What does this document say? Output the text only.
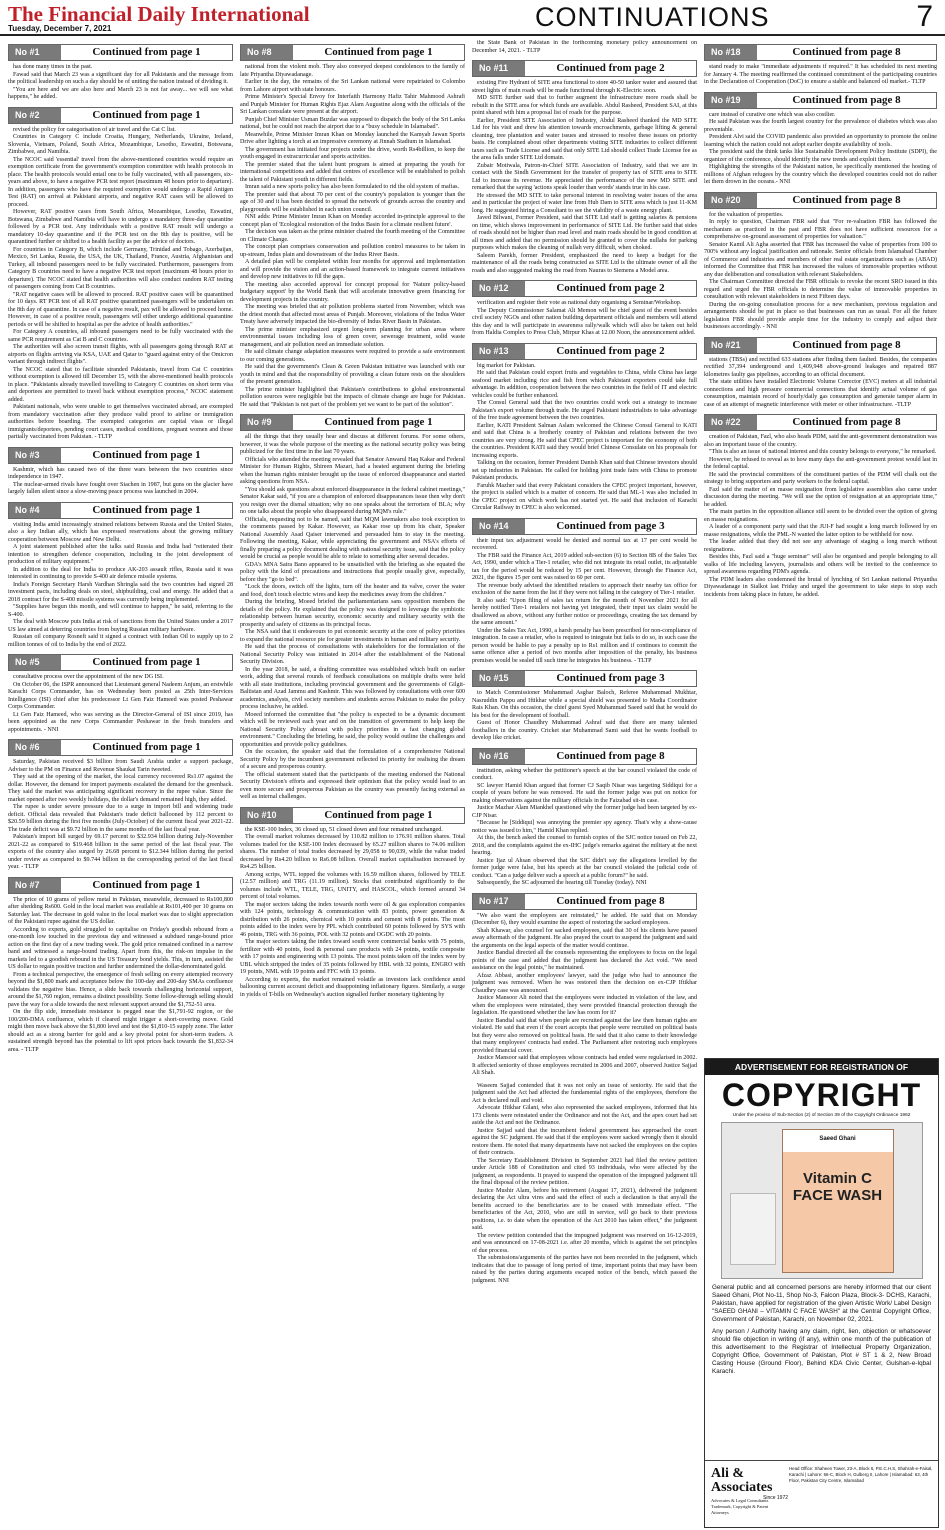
The Financial Daily International
Tuesday, December 7, 2021	CONTINUATIONS	7
No #1	Continued from page 1

has done many times in the past.

Fawad said that March 23 was a significant day for all Pakistanis and the message from the political leadership on such a day should be of uniting the nation instead of dividing it.

"You are here and we are also here and March 23 is not far away... we will see what happens," he added.

No #2	Continued from page 1

revised the policy for categorisation of air travel and the Cat C list.

Countries in Category C include Croatia, Hungary, Netherlands, Ukraine, Ireland, Slovenia, Vietnam, Poland, South Africa, Mozambique, Lesotho, Eswatini, Botswana, Zimbabwe, and Namibia.

The NCOC said 'essential' travel from the above-mentioned countries would require an exemption certificate from the government's exemption committee with health protocols in place. The health protocols would entail one to be fully vaccinated, with all passengers, six-years and above, to have a negative PCR test report (maximum 48 hours prior to departure). In addition, passengers who have the required exemption would undergo a Rapid Antigen Test (RAT) on arrival at Pakistani airports, and negative RAT cases will be allowed to proceed.

However, RAT positive cases from South Africa, Mozambique, Lesotho, Eswatini, Botswana, Zimbabwe and Namibia will have to undergo a mandatory three-day quarantine followed by a PCR test. Any individuals with a positive RAT result will undergo a mandatory 10-day quarantine and if the PCR test on the 8th day is positive, will be quarantined further or shifted to a health facility as per the advice of doctors.

For countries in Category B, which include Germany, Trinidad and Tobago, Azerbaijan, Mexico, Sri Lanka, Russia, the USA, the UK, Thailand, France, Austria, Afghanistan and Turkey, all inbound passengers need to be fully vaccinated. Furthermore, passengers from Category B countries need to have a negative PCR test report (maximum 48 hours prior to departure). The NCOC stated that health authorities will also conduct random RAT testing of passengers coming from Cat B countries.

"RAT negative cases will be allowed to proceed. RAT positive cases will be quarantined for 10 days. RT PCR test of all RAT positive quarantined passengers will be undertaken on the 8th day of quarantine. In case of a negative result, pax will be allowed to proceed home. However, in case of a positive result, passengers will either undergo additional quarantine periods or will be shifted to hospital as per the advice of health authorities."

For Category A countries, all inbound passengers need to be fully vaccinated with the same PCR requirement as Cat B and C countries.

The authorities will also screen transit flights, with all passengers going through RAT at airports on flights arriving via KSA, UAE and Qatar to "guard against entry of the Omicron variant through indirect flights".

The NCOC stated that to facilitate stranded Pakistanis, travel from Cat C countries without exemption is allowed till December 15, with the above-mentioned health protocols in place. "Pakistanis already travelled travelling to Category C countries on short term visa and deportees are permitted to travel back without exemption process," NCOC statement added.

Pakistani nationals, who were unable to get themselves vaccinated abroad, are exempted from mandatory vaccination after they produce valid proof to airline or immigration authorities before boarding. The exempted categories are capital visas or illegal immigrants/deportees, pending court cases, medical conditions, pregnant women and those partially vaccinated from Pakistan. - TLTP

No #3	Continued from page 1

Kashmir, which has caused two of the three wars between the two countries since independence in 1947.

The nuclear-armed rivals have fought over Siachen in 1987, but guns on the glacier have largely fallen silent since a slow-moving peace process was launched in 2004.

No #4	Continued from page 1

visiting India amid increasingly strained relations between Russia and the United States, also a key Indian ally, which has expressed reservations about the growing military cooperation between Moscow and New Delhi.

A joint statement published after the talks said Russia and India had "reiterated their intention to strengthen defence cooperation, including in the joint development of production of military equipment."

In addition to the deal for India to produce AK-203 assault rifles, Russia said it was interested in continuing to provide S-400 air defence missile systems.

India's Foreign Secretary Harsh Vardhan Shringla said the two countries had signed 28 investment pacts, including deals on steel, shipbuilding, coal and energy. He added that a 2018 contract for the S-400 missile systems was currently being implemented.

"Supplies have begun this month, and will continue to happen," he said, referring to the S-400.

The deal with Moscow puts India at risk of sanctions from the United States under a 2017 US law aimed at deterring countries from buying Russian military hardware.

Russian oil company Rosneft said it signed a contract with Indian Oil to supply up to 2 million tonnes of oil to India by the end of 2022.

No #5	Continued from page 1

consultative process over the appointment of the new DG ISI.

On October 06, the ISPR announced that Lieutenant general Nadeem Anjum, an erstwhile Karachi Corps Commander, has on Wednesday been posted as 25th Inter-Services Intelligence (ISI) chief after his predecessor Lt Gen Faiz Hameed was posted Peshawar Corps Commander.

Lt Gen Faiz Hameed, who was serving as the Director-General of ISI since 2019, has been appointed as the new Corps Commander Peshawar in the fresh transfers and appointments. - NNI

No #6	Continued from page 1

Saturday, Pakistan received $3 billion from Saudi Arabia under a support package, Adviser to the PM on Finance and Revenue Shaukat Tarin tweeted.

They said at the opening of the market, the local currency recovered Rs1.07 against the dollar. However, the demand for import payments escalated the demand for the greenback. They said the market was anticipating significant recovery in the rupee value. Since the market opened after two weekly holidays, the dollar's demand remained high, they added.

The rupee is under severe pressure due to a surge in import bill and widening trade deficit. Official data revealed that Pakistan's trade deficit ballooned by 112 percent to $20.59 billion during the first five months (July-October) of the current fiscal year 2021-22. The trade deficit was at $9.72 billion in the same months of the last fiscal year.

Pakistan's import bill surged by 69.17 percent to $32.934 billion during July-November 2021-22 as compared to $19.468 billion in the same period of the last fiscal year. The exports of the country also surged by 26.68 percent to $12.344 billion during the period under review as compared to $9.744 billion in the corresponding period of the last fiscal year. - TLTP

No #7	Continued from page 1

The price of 10 grams of yellow metal in Pakistan, meanwhile, decreased to Rs100,800 after shedding Rs600. Gold in the local market was available at Rs101,400 per 10 grams on Saturday last. The decrease in gold value in the local market was due to slight appreciation of the Pakistani rupee against the US dollar.

According to experts, gold struggled to capitalise on Friday's goodish rebound from a one-month low touched in the previous day and witnessed a subdued range-bound price action on the first day of a new trading week. The gold price remained confined in a narrow band and witnessed a range-bound trading. Apart from this, the risk-on impulse in the markets led to a goodish rebound in the US Treasury bond yields. This, in turn, assisted the US dollar to regain positive traction and further undermined the dollar-denominated gold.

From a technical perspective, the emergence of fresh selling on every attempted recovery beyond the $1,800 mark and acceptance below the 100-day and 200-day SMAs confluence validates the negative bias. Hence, a slide back towards challenging horizontal support, around the $1,760 region, remains a distinct possibility. Some follow-through selling should pave the way for a slide towards the next relevant support around the $1,752-51 area.

On the flip side, immediate resistance is pegged near the $1,791-92 region, or the 100/200-DMA confluence, which if cleared might trigger a short-covering move. Gold might then move back above the $1,800 level and test the $1,810-15 supply zone. The latter should act as a strong barrier for gold and a key pivotal point for short-term traders. A sustained strength beyond has the potential to lift spot prices back towards the $1,832-34 area. - TLTP

No #8	Continued from page 1

national from the violent mob. They also conveyed deepest condolences to the family of late Priyantha Diyawadanage.

Earlier in the day, the remains of the Sri Lankan national were repatriated to Colombo from Lahore airport with state honours.

Prime Minister's Special Envoy for Interfaith Harmony Hafiz Tahir Mahmood Ashrafi and Punjab Minister for Human Rights Ejaz Alam Augustine along with the officials of the Sri Lankan consulate were present at the airport.

Punjab Chief Minister Usman Buzdar was supposed to dispatch the body of the Sri Lanka national, but he could not reach the airport due to a "busy schedule in Islamabad".

Meanwhile, Prime Minister Imran Khan on Monday launched the Kamyab Jawan Sports Drive after lighting a torch at an impressive ceremony at Jinnah Stadium in Islamabad.

The government has initiated four projects under the drive, worth Rs4billion, to keep the youth engaged in extracurricular and sports activities.

The premier stated that the talent hunt program is aimed at preparing the youth for international competitions and added that centres of excellence will be established to polish the talent of Pakistani youth in different fields.

Imran said a new sports policy has also been formulated to rid the old system of mafias.

The premier said that about 70 per cent of the country's population is younger than the age of 30 and it has been decided to spread the network of grounds across the country and playgrounds will be established in each union council.

NNI adds: Prime Minister Imran Khan on Monday accorded in-principle approval to the concept plan of 'Ecological restoration of the Indus Basin for a climate resilient future'.

The decision was taken as the prime minister chaired the fourth meeting of the Committee on Climate Change.

The concept plan comprises conservation and pollution control measures to be taken in up-stream, Indus plain and downstream of the Indus River Basin.

A detailed plan will be completed within four months for approval and implementation and will provide the vision and an action-based framework to integrate current initiatives and develop new initiatives to fill the gaps.

The meeting also accorded approval for concept proposal for 'Nature policy-based budgetary support' by the World Bank that will accelerate innovative green financing for development projects in the country.

The meeting was briefed that air pollution problems started from November, which was the driest month that affected most areas of Punjab. Moreover, violations of the Indus Water Treaty have adversely impacted the bio-diversity of Indus River Basin in Pakistan.

The prime minister emphasized urgent long-term planning for urban areas where environmental issues including loss of green cover, sewerage treatment, solid waste management, and air pollution need an immediate solution.

He said climate change adaptation measures were required to provide a safe environment to our coming generations.

He said that the government's Clean & Green Pakistan initiative was launched with our youth in mind and that the responsibility of providing a clean future rests on the shoulders of the present generation.

The prime minister highlighted that Pakistan's contributions to global environmental pollution sources were negligible but the impacts of climate change are huge for Pakistan. He said that "Pakistan is not part of the problem yet we want to be part of the solution".

No #9	Continued from page 1

all the things that they usually hear and discuss at different forums. For some others, however, it was the whole purpose of the meeting as the national security policy was being publicized for the first time in the last 70 years.

Officials who attended the meeting revealed that Senator Anwarul Haq Kakar and Federal Minister for Human Rights, Shireen Mazari, had a heated argument during the briefing when the human rights minister brought up the issue of enforced disappearance and started asking questions from NSA.

"You should ask questions about enforced disappearance in the federal cabinet meetings," Senator Kakar said, "if you are a champion of enforced disappearances issue then why don't you resign over the dismal situation; why no one speaks about the terrorism of BLA; why no one talks about the people who disappeared during MQM's rule."

Officials, requesting not to be named, said that MQM lawmakers also took exception to the comments passed by Kakar. However, as Kakar rose up from his chair, Speaker National Assembly Asad Qaiser intervened and persuaded him to stay in the meeting. Following the meeting, Kakar, while appreciating the government and NSA's efforts of finally preparing a policy document dealing with national security issue, said that the policy would be crucial as people would be able to relate to something after several decades.

GDA's MNA Saira Bano appeared to be unsatisfied with the briefing as she equated the policy with the kind of precautions and instructions that people usually give, especially, before they "go to bed".

"Lock the doors, switch off the lights, turn off the heater and its valve, cover the water and food, don't touch electric wires and keep the medicines away from the children."

During the briefing, Moeed briefed the parliamentarians sans opposition members the details of the policy. He explained that the policy was designed to leverage the symbiotic relationship between human security, economic security and military security with the prosperity and safety of citizens as its principal focus.

The NSA said that it endeavours to put economic security at the core of policy priorities to expand the national resource pie for greater investments in human and military security.

He said that the process of consultations with stakeholders for the formulation of the National Security Policy was initiated in 2014 after the establishment of the National Security Division.

In the year 2018, he said, a drafting committee was established which built on earlier work, adding that several rounds of feedback consultations on multiple drafts were held with all state institutions, including provincial government and the governments of Gilgit-Baltistan and Azad Jammu and Kashmir. This was followed by consultations with over 600 academics, analysts, civil society members and students across Pakistan to make the policy process inclusive, he added.

Moeed informed the committee that "the policy is expected to be a dynamic document which will be reviewed each year and on the transition of government to help keep the National Security Policy abreast with policy priorities in a fast changing global environment." Concluding the briefing, he said, the policy would outline the challenges and opportunities and provide policy guidelines.

On the occasion, the speaker said that the formulation of a comprehensive National Security Policy by the incumbent government reflected its priority for realising the dream of a secure and prosperous country.

The official statement stated that the participants of the meeting endorsed the National Security Division's efforts and expressed their optimism that the policy would lead to an even more secure and prosperous Pakistan as the country was presently facing external as well as internal challenges.

No #10	Continued from page 1

the KSE-100 Index, 36 closed up, 51 closed down and four remained unchanged.

The overall market volumes decreased by 110.82 million to 176.91 million shares. Total volumes traded for the KSE-100 Index decreased by 65.27 million shares to 74.06 million shares. The number of total trades decreased by 29,058 to 90,039, while the value traded decreased by Rs4.20 billion to Rs6.08 billion. Overall market capitalisation increased by Rs4.25 billion.

Among scrips, WTL topped the volumes with 16.59 million shares, followed by TELE (12.57 million) and TRG (11.19 million). Stocks that contributed significantly to the volumes include WTL, TELE, TRG, UNITY, and HASCOL, which formed around 34 percent of total volumes.

The major sectors taking the index towards north were oil & gas exploration companies with 124 points, technology & communication with 83 points, power generation & distribution with 26 points, chemical with 10 points and cement with 8 points. The most points added to the index were by PPL which contributed 60 points followed by SYS with 46 points, TRG with 36 points, POL with 32 points and OGDC with 20 points.

The major sectors taking the index toward south were commercial banks with 75 points, fertilizer with 40 points, food & personal care products with 24 points, textile composite with 17 points and engineering with 13 points. The most points taken off the index were by UBL which stripped the index of 35 points followed by HBL with 32 points, ENGRO with 19 points, NML with 19 points and FFC with 13 points.

According to experts, the market remained volatile as investors lack confidence amid ballooning current account deficit and disappointing inflationary figures. Similarly, a surge in yields of T-bills on Wednesday's auction signalled further monetary tightening by

the State Bank of Pakistan in the forthcoming monetary policy announcement on December 14, 2021. - TLTP

No #11	Continued from page 2

existing Fire Hydrant of SITE area functional to store 40-50 tanker water and assured that street lights of main roads will be made functional through K-Electric soon.

MD SITE further said that to further augment the infrastructure more roads shall be rebuilt in the SITE area for which funds are available. Abdul Rasheed, President SAI, at this point shared with him a proposal list of roads for the purpose.

Earlier, President SITE Association of Industry, Abdul Rasheed thanked the MD SITE Ltd for his visit and drew his attention towards encroachments, garbage lifting & general cleaning, tree plantation and water issues and stressed to resolve these issues on priority basis. He complained about other departments visiting SITE industries to collect different taxes such as Trade License and said that only SITE Ltd should collect Trade License fee as the area falls under SITE Ltd domain.

Zubair Motiwala, Patron-in-Chief SITE Association of Industry, said that we are in contact with the Sindh Government for the transfer of property tax of SITE area to SITE Ltd to increase its revenue. He appreciated the performance of the new MD SITE and remarked that the saying 'actions speak louder than words' stands true in his case.

He stressed the MD SITE to take personal interest in resolving water issues of the area and in particular the project of water line from Hub Dam to SITE area which is just 11-KM long. He suggested hiring a Consultant to see the viability of a waste energy plant.

Javed Bilwani, Former President, said that SITE Ltd staff is getting salaries & pensions on time, which shows improvement in performance of SITE Ltd. He further said that sides of roads should not be higher than road level and main roads should be in good condition at all times and added that no permission should be granted to cover the nullahs for parking purposes which makes the cleaning of nullah very difficult, when choked.

Saleem Parekh, former President, emphasized the need to keep a budget for the maintenance of all the roads being constructed as SITE Ltd is the ultimate owner of all the roads and also suggested making the road from Nauras to Siemens a Model area.

No #12	Continued from page 2

verification and register their vote as national duty organising a Seminar/Workshop.

The Deputy Commissioner Salamat Ali Memon will be chief guest of the event besides civil society NGOs and other nation building department officials and members will attend this day and is will participate in awareness rally/walk which will also be taken out held from Haldia Complex to Press Club, Mirpur Khas at 12.00 Noon, the announcement added.

No #13	Continued from page 2

big market for Pakistan.

He said that Pakistan could export fruits and vegetables to China, while China has large seafood market including rice and fish from which Pakistani exporters could take full advantage. In addition, cooperation between the two countries in the field of IT and electric vehicles could be further enhanced.

The Consul General said that the two countries could work out a strategy to increase Pakistan's export volume through trade. He urged Pakistani industrialists to take advantage of the free trade agreement between the two countries.

Earlier, KATI President Salman Aslam welcomed the Chinese Consul General to KATI and said that China is a brotherly country of Pakistan and relations between the two countries are very strong. He said that CPEC project is important for the economy of both the countries. President KATI said they would brief Chinese Consulate on his proposals for increasing exports.

Talking on the occasion, former President Danish Khan said that Chinese investors should set up industries in Pakistan. He called for holding joint trade fairs with China to promote Pakistani products.

Faruhk Mazher said that every Pakistani considers the CPEC project important, however, the project is stalled which is a matter of concern. He said that ML-1 was also included in the CPEC project on which work has not started yet. He said that inclusion of Karachi Circular Railway in CPEC is also welcomed.

No #14	Continued from page 3

their input tax adjustment would be denied and normal tax at 17 per cent would be recovered.

The FBR said the Finance Act, 2019 added sub-section (6) to Section 8B of the Sales Tax Act, 1990, under which a Tier-1 retailer, who did not integrate its retail outlet, its adjustable tax for the period would be reduced by 15 per cent. However, through the Finance Act, 2021, the figures 15 per cent was raised to 60 per cent.

The revenue body advised the identified retailers to approach their nearby tax office for exclusion of the name from the list if they were not falling in the category of Tier-1 retailer.

It also said: "Upon filing of sales tax return for the month of November 2021 for all hereby notified Tier-1 retailers not having yet integrated, their input tax claim would be disallowed as above, without any further notice or proceedings, creating the tax demand by the same amount."

Under the Sales Tax Act, 1990, a harsh penalty has been prescribed for non-compliance of integration. In case a retailer, who is required to integrate but fails to do so, in such case the person would be liable to pay a penalty up to Rs1 million and if continues to commit the same offence after a period of two months after imposition of the penalty, his business premises would be sealed till such time he integrates his business. - TLTP

No #15	Continued from page 3

to Match Commissioner Muhammad Asghar Baloch, Referee Muhammad Mukhtar, Nasruddin Pappu and Iftikhar while a special shield was presented to Madia Coordinator Rais Khan. On this occasion, the chief guest Syed Muhammad Saeed said that he would do his best for the development of football.

Guest of Honor Chaudhry Muhammad Ashraf said that there are many talented footballers in the country. Cricket star Muhammad Sami said that he wants football to develop like cricket.

No #16	Continued from page 8

institution, asking whether the petitioner's speech at the bar council violated the code of conduct.

SC lawyer Hamid Khan argued that former CJ Saqib Nisar was targeting Siddiqui for a couple of years before he was removed. He said the former judge was put on notice for making observations against the military officials in the Faizabad sit-in case.

Justice Mazhar Alam Miankhel questioned why the former judge had been targeted by ex-CJP Nisar.

"Because he [Siddiqui] was annoying the premier spy agency. That's why a show-cause notice was issued to him," Hamid Khan replied.

At this, the bench asked the counsel to furnish copies of the SJC notice issued on Feb 22, 2018, and the complaints against the ex-IHC judge's remarks against the military at the next hearing.

Justice Ijaz ul Ahsan observed that the SJC didn't say the allegations levelled by the former judge were false, but his speech at the bar council violated the judicial code of conduct. "Can a judge deliver such a speech at a public forum?" he said.

Subsequently, the SC adjourned the hearing till Tuesday (today). NNI

No #17	Continued from page 8

"We also want the employees are reinstated," he added. He said that on Monday (December 6), they would examine the aspect of restoring the sacked employees.

Shah Khawar, also counsel for sacked employees, said that 30 of his clients have passed away aftermath of the judgment. He also prayed the court to suspend the judgment and said the arguments on the legal aspects of the matter would continue.

Justice Bandial directed all the counsels representing the employees to focus on the legal points of the case and added that the judgment has declared the Act void. "We need assistance on the legal points," he maintained.

Afzaz Abbasi, another employees' lawyer, said the judge who had to announce the judgment was removed. When he was restored then the decision on ex-CJP Iftikhar Chaudhry case was announced.

Justice Mansoor Ali noted that the employees were inducted in violation of the law, and when the employees were reinstated, they were provided financial protection through the legislation. He questioned whether the law has room for it?

Justice Bandial said that when people are recruited against the law then human rights are violated. He said that even if the court accepts that people were recruited on political basis but they were also removed on political basis. He said that it also came to their knowledge that many employees' contracts had ended. The Parliament after restoring such employees provided financial cover.

Justice Mansoor said that employees whose contracts had ended were regularised in 2002. It affected seniority of those employees recruited in 2006 and 2007, observed Justice Sajjad Ali Shah.

Waseem Sajjad contended that it was not only an issue of seniority. He said that the judgment said the Act had affected the fundamental rights of the employees, therefore the Act is declared null and void.

Advocate Iftikhar Gilani, who also represented the sacked employees, informed that his 173 clients were reinstated under the Ordinance and not the Act, and the apex court had set aside the Act and not the Ordinance.

Justice Sajjad said that the incumbent federal government has approached the court against the SC judgment. He said that if the employees were sacked wrongly then it should restore them. He noted that many departments have not sacked the employees on the copies of their contracts.

The Secretary Establishment Division in September 2021 had filed the review petition under Article 188 of Constitution and cited 93 individuals, who were affected by the judgment, as respondents. It prayed to suspend the operation of the impugned judgment till the final disposal of the review petition.

Justice Mushir Alam, before his retirement (August 17, 2021), delivered the judgment declaring the Act ultra vires and said the effect of such a declaration is that any/all the benefits accrued to the beneficiaries are to be ceased with immediate effect. "The beneficiaries of the Act, 2010, who are still in service, will go back to their previous positions, i.e. to date when the operation of the Act 2010 has taken effect," the judgment said.

The review petition contended that the impugned judgment was reserved on 16-12-2019, and was announced on 17-08-2021 i.e. after 20 months, which is against the set principles of due process.

The submissions/arguments of the parties have not been recorded in the judgment, which indicates that due to passage of long period of time, important points that may have been raised by the parties during arguments escaped notice of the bench, which passed the judgment. NNI

No #18	Continued from page 8

stand ready to make "immediate adjustments if required." It has scheduled its next meeting for January 4. The meeting reaffirmed the continued commitment of the participating countries in the Declaration of Cooperation (DoC) to ensure a stable and balanced oil market.- TLTP

No #19	Continued from page 8

care instead of curative one which was also costlier.

He said Pakistan was the fourth largest country for the prevalence of diabetes which was also preventable.

President Alvi said the COVID pandemic also provided an opportunity to promote the online learning which the nation could not adopt earlier despite availability of tools.

The president said the think tanks like Sustainable Development Policy Institute (SDPI), the organizer of the conference, should identify the new trends and exploit them.

Highlighting the strengths of the Pakistani nation, he specifically mentioned the hosting of millions of Afghan refugees by the country which the developed countries could not do rather let them drown in the oceans.- NNI

No #20	Continued from page 8

for the valuation of properties.

In reply to question, Chairman FBR said that "For re-valuation FBR has followed the mechanism as practiced in the past and FBR does not have sufficient resources for a comprehensive on-ground assessment of properties for valuation."

Senator Kamil Ali Agha asserted that FBR has increased the value of properties from 100 to 700% without any logical justification and rationale. Senior officials from Islamabad Chamber of Commerce and industries and members of other real estate organizations such as (ABAD) informed the Committee that FBR has increased the values of immovable properties without any due deliberation and consultation with relevant Stakeholders.

The Chairman Committee directed the FBR officials to revoke the recent SRO issued in this regard and urged the FBR officials to determine the value of immovable properties in consultation with relevant stakeholders in next Fifteen days.

During the on-going consultation process for a new mechanism, previous regulation and arrangements should be put in place so that businesses can run as usual. For all the future legislation FBR should provide ample time for the industry to comply and adjust their businesses accordingly. - NNI

No #21	Continued from page 8

stations (TBSs) and rectified 633 stations after finding them faulted. Besides, the companies rectified 37,394 underground and 1,409,948 above-ground leakages and repaired 887 kilometres faulty gas pipelines, according to an official document.

The state utilities have installed Electronic Volume Corrector (EVC) meters at all industrial connections and high pressure commercial connections that identify actual volume of gas consumption, maintain record of hourly/daily gas consumption and generate tamper alarm in case of an attempt of magnetic interference with meter or other infrastructure. -TLTP

No #22	Continued from page 8

creation of Pakistan, Fazl, who also heads PDM, said the anti-government demonstration was also an important issue of the country.

"This is also an issue of national interest and this country belongs to everyone," he remarked.

However, he refused to reveal as to how many days the anti-government protest would last in the federal capital.

He said the provincial committees of the constituent parties of the PDM will chalk out the strategy to bring supporters and party workers to the federal capital.

Fazl said the matter of en masse resignation from legislative assemblies also came under discussion during the meeting. "We will use the option of resignation at an appropriate time," he added.

The main parties in the opposition alliance still seem to be divided over the option of giving en masse resignations.

A leader of a component party said that the JUI-F had sought a long march followed by en masse resignations, while the PML-N wanted the latter option to be withheld for now.

The leader added that they did not see any advantage of staging a long march without resignations.

Besides this, Fazl said a "huge seminar" will also be organised and people belonging to all walks of life including lawyers, journalists and others will be invited to the conference to spread awareness regarding PDM's agenda.

The PDM leaders also condemned the brutal of lynching of Sri Lankan national Priyantha Diyawadanage in Sialkot last Friday and urged the government to take steps to stop such incidents from taking place in future, he added.

ADVERTISEMENT FOR REGISTRATION OF
COPYRIGHT
Under the proviso of Sub-Section (2) of Section 39 of the Copyright Ordinance 1962
Saeed Ghani
Vitamin C FACE WASH

General public and all concerned persons are hereby informed that our client Saeed Ghani, Plot No-11, Shop No-3, Falcon Plaza, Block-3- DCHS, Karachi, Pakistan, have applied for registration of the given Artistic Work/ Label Design "SAEED GHANI – VITAMIN C FACE WASH" at the Central Copyright Office, Government of Pakistan, Karachi, on November 02, 2021.

Any person / Authority having any claim, right, lien, objection or whatsoever should file objection in writing (if any), within one month of the publication of this advertisement to the Registrar of Intellectual Property Organization, Copyright Office, Government of Pakistan, Plot # ST 1 & 2, New Broad Casting House (Ground Floor), Behind KDA Civic Center, Gulshan-e-Iqbal Karachi.

Ali & Associates
Advocates & Legal Consultants Trademark, Copyright & Patent Attorneys
Since 1972
Head Office: Shaheen Tower, 23-A, Block 6, P.E.C.H.S, Shahrah-e-Faisal, Karachi | Lahore: 66-C, Block H, Gulberg II, Lahore | Islamabad: 63, 4th Floor, Pakistan City Centre, Islamabad
